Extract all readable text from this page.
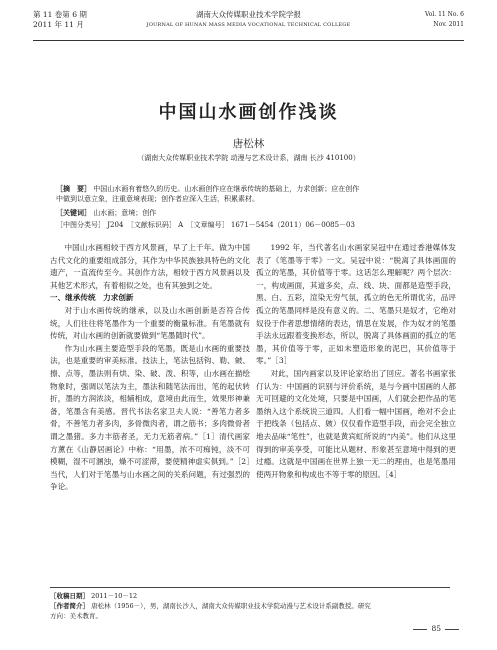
第 11 卷第 6 期
2011 年 11 月
湖南大众传媒职业技术学院学报
JOURNAL OF HUNAN MASS MEDIA VOCATIONAL TECHNICAL COLLEGE
Vol. 11 No. 6
Nov. 2011
中国山水画创作浅谈
唐松林
（湖南大众传媒职业技术学院 动漫与艺术设计系，湖南 长沙 410100）
［摘　要］ 中国山水画有着悠久的历史。山水画创作应在继承传统的基础上，力求创新；应在创作
中做到以意立象，注重意境表现；创作者应深入生活，积累素材。
［关键词］ 山水画；意境；创作
［中图分类号］ J204　［文献标识码］ A　［文章编号］ 1671－5454（2011）06－0085－03

中国山水画相较于西方风景画，早了上千年。做为中国古代文化的重要组成部分，其作为中华民族独具特色的文化遗产，一直流传至今。其创作方法，相较于西方风景画以及其他艺术形式，有着相似之处，也有其独到之处。

一、继承传统　力求创新

对于山水画传统的继承，以及山水画创新是否符合传统，人们往往将笔墨作为一个重要的衡量标准。有笔墨就有传统，对山水画的创新就要做到“笔墨随时代”。

作为山水画主要造型手段的笔墨，既是山水画的重要技法，也是重要的审美标准。技法上，笔法包括钩、勒、皴、擦、点等，墨法则有烘、染、破、泼、积等，山水画在描绘物象时，强调以笔法为主，墨法和随笔法而出，笔的起伏转折，墨的方润浓淡，相辅相成，意境由此而生，效果形神兼备，笔墨含有美感。晋代书法名家卫夫人说：“善笔力者多骨，不善笔力者多肉，多骨微肉者，谓之筋书；多肉微骨者谓之墨猪。多力丰筋者圣，无力无筋者病。”［1］清代画家方薰在《山静居画论》中称：“用墨，浓不可痴钝，淡不可模糊，湿不可溷浊，燥不可涩滞，要使精神虚实俱到。”［2］当代，人们对于笔墨与山水画之间的关系问题，有过强烈的争论。

1992 年，当代著名山水画家吴冠中在通过香港媒体发表了《笔墨等于零》一文。吴冠中说：“脱离了具体画面的孤立的笔墨，其价值等于零。这话怎么理解呢？两个层次：一，构成画面，其道多矣，点、线、块、面都是造型手段，黑、白、五彩，渲染无穷气氛，孤立的色无所谓优劣，品评孤立的笔墨同样是没有意义的。二、笔墨只是奴才，它绝对奴役于作者思想情绪的表达，情思在发展，作为奴才的笔墨手法永远跟着变换形态，所以，脱离了具体画面的孤立的笔墨，其价值等于零，正如未塑造形象的泥巴，其价值等于零。”［3］

对此，国内画家以及评论家给出了回应。著名书画家张仃认为：中国画的识别与评价系统，是与今画中国画的人都无可回避的文化处境，只要是中国画，人们就会把作品的笔墨纳入这个系统说三道四。人们看一幅中国画，绝对不会止于把线条（包括点、皴）仅仅看作造型手段，而会完全独立地去品味“笔性”，也就是黄宾虹所说的“内美”。他们从这里得到的审美享受，可能比从题材、形象甚至意境中得到的更过瘾。这就是中国画在世界上独一无二的理由，也是笔墨用使两开物象和构成也不等于零的原因。［4］

［收稿日期］ 2011－10－12
［作者简介］ 唐松林（1956－），男，湖南长沙人，湖南大众传媒职业技术学院动漫与艺术设计系副教授。研究
方向：美术教育。
85
